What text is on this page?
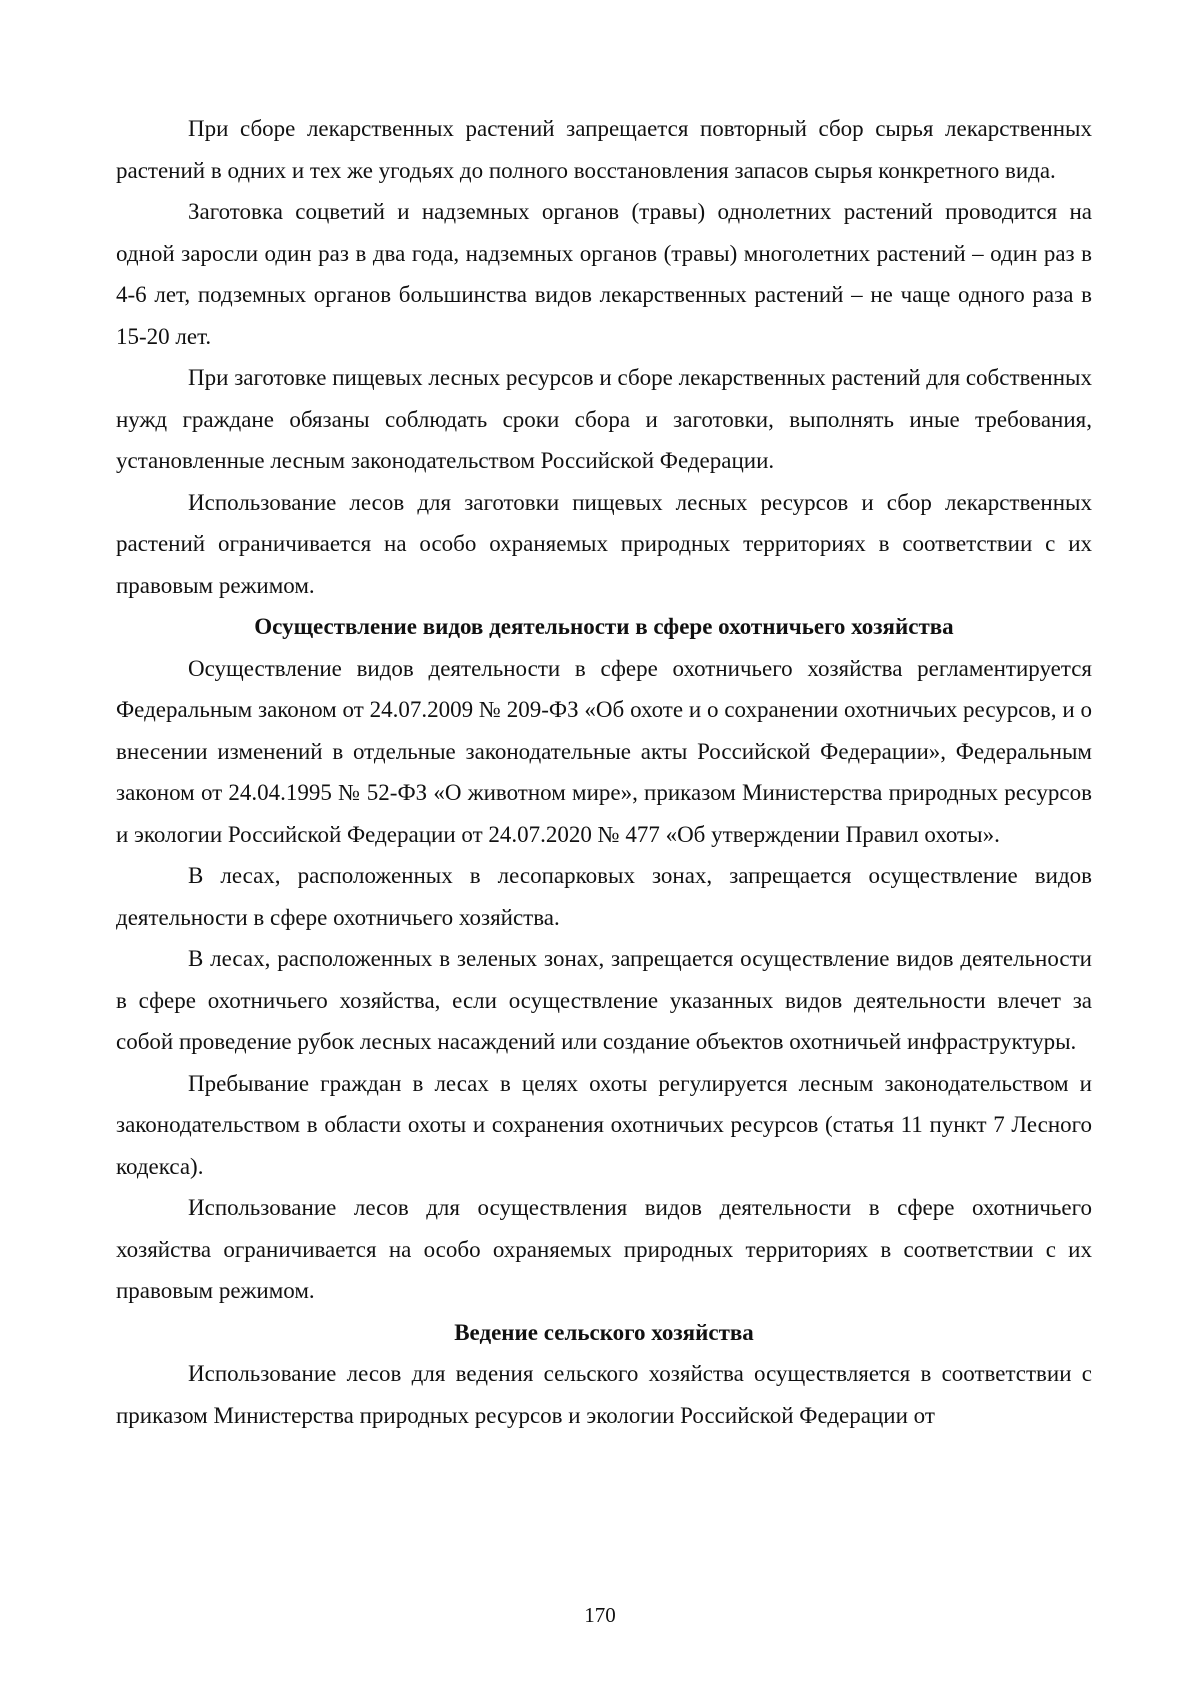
При сборе лекарственных растений запрещается повторный сбор сырья лекарственных растений в одних и тех же угодьях до полного восстановления запасов сырья конкретного вида.

Заготовка соцветий и надземных органов (травы) однолетних растений проводится на одной заросли один раз в два года, надземных органов (травы) многолетних растений – один раз в 4-6 лет, подземных органов большинства видов лекарственных растений – не чаще одного раза в 15-20 лет.

При заготовке пищевых лесных ресурсов и сборе лекарственных растений для собственных нужд граждане обязаны соблюдать сроки сбора и заготовки, выполнять иные требования, установленные лесным законодательством Российской Федерации.

Использование лесов для заготовки пищевых лесных ресурсов и сбор лекарственных растений ограничивается на особо охраняемых природных территориях в соответствии с их правовым режимом.

Осуществление видов деятельности в сфере охотничьего хозяйства

Осуществление видов деятельности в сфере охотничьего хозяйства регламентируется Федеральным законом от 24.07.2009 № 209-ФЗ «Об охоте и о сохранении охотничьих ресурсов, и о внесении изменений в отдельные законодательные акты Российской Федерации», Федеральным законом от 24.04.1995 № 52-ФЗ «О животном мире», приказом Министерства природных ресурсов и экологии Российской Федерации от 24.07.2020 № 477 «Об утверждении Правил охоты».

В лесах, расположенных в лесопарковых зонах, запрещается осуществление видов деятельности в сфере охотничьего хозяйства.

В лесах, расположенных в зеленых зонах, запрещается осуществление видов деятельности в сфере охотничьего хозяйства, если осуществление указанных видов деятельности влечет за собой проведение рубок лесных насаждений или создание объектов охотничьей инфраструктуры.

Пребывание граждан в лесах в целях охоты регулируется лесным законодательством и законодательством в области охоты и сохранения охотничьих ресурсов (статья 11 пункт 7 Лесного кодекса).

Использование лесов для осуществления видов деятельности в сфере охотничьего хозяйства ограничивается на особо охраняемых природных территориях в соответствии с их правовым режимом.

Ведение сельского хозяйства

Использование лесов для ведения сельского хозяйства осуществляется в соответствии с приказом Министерства природных ресурсов и экологии Российской Федерации от

170
